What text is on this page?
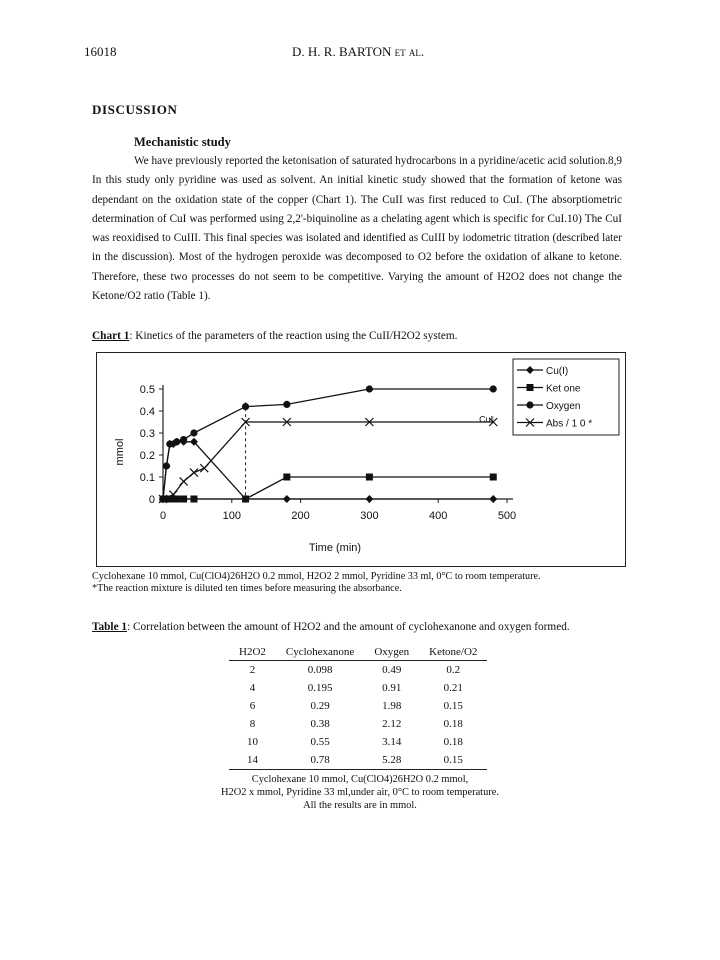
16018	D. H. R. BARTON et al.
DISCUSSION
Mechanistic study

We have previously reported the ketonisation of saturated hydrocarbons in a pyridine/acetic acid solution.8,9 In this study only pyridine was used as solvent. An initial kinetic study showed that the formation of ketone was dependant on the oxidation state of the copper (Chart 1). The CuII was first reduced to CuI. (The absorptiometric determination of CuI was performed using 2,2'-biquinoline as a chelating agent which is specific for CuI.10) The CuI was reoxidised to CuIII. This final species was isolated and identified as CuIII by iodometric titration (described later in the discussion). Most of the hydrogen peroxide was decomposed to O2 before the oxidation of alkane to ketone. Therefore, these two processes do not seem to be competitive. Varying the amount of H2O2 does not change the Ketone/O2 ratio (Table 1).

Chart 1: Kinetics of the parameters of the reaction using the CuII/H2O2 system.
0
0.1
0.2
0.3
0.4
0.5
0	100	200	300	400	500
Time (min)
mmol
Cuᴵᴵ
Cu(I)
Ket one
Oxygen
Abs / 1 0 *
Cyclohexane 10 mmol, Cu(ClO4)26H2O 0.2 mmol, H2O2 2 mmol, Pyridine 33 ml, 0°C to room temperature.
*The reaction mixture is diluted ten times before measuring the absorbance.
Table 1: Correlation between the amount of H2O2 and the amount of cyclohexanone and oxygen formed.
H2O2	Cyclohexanone	Oxygen	Ketone/O2
2	0.098	0.49	0.2
4	0.195	0.91	0.21
6	0.29	1.98	0.15
8	0.38	2.12	0.18
10	0.55	3.14	0.18
14	0.78	5.28	0.15
Cyclohexane 10 mmol, Cu(ClO4)26H2O 0.2 mmol,
H2O2 x mmol, Pyridine 33 ml,under air, 0°C to room temperature.
All the results are in mmol.
